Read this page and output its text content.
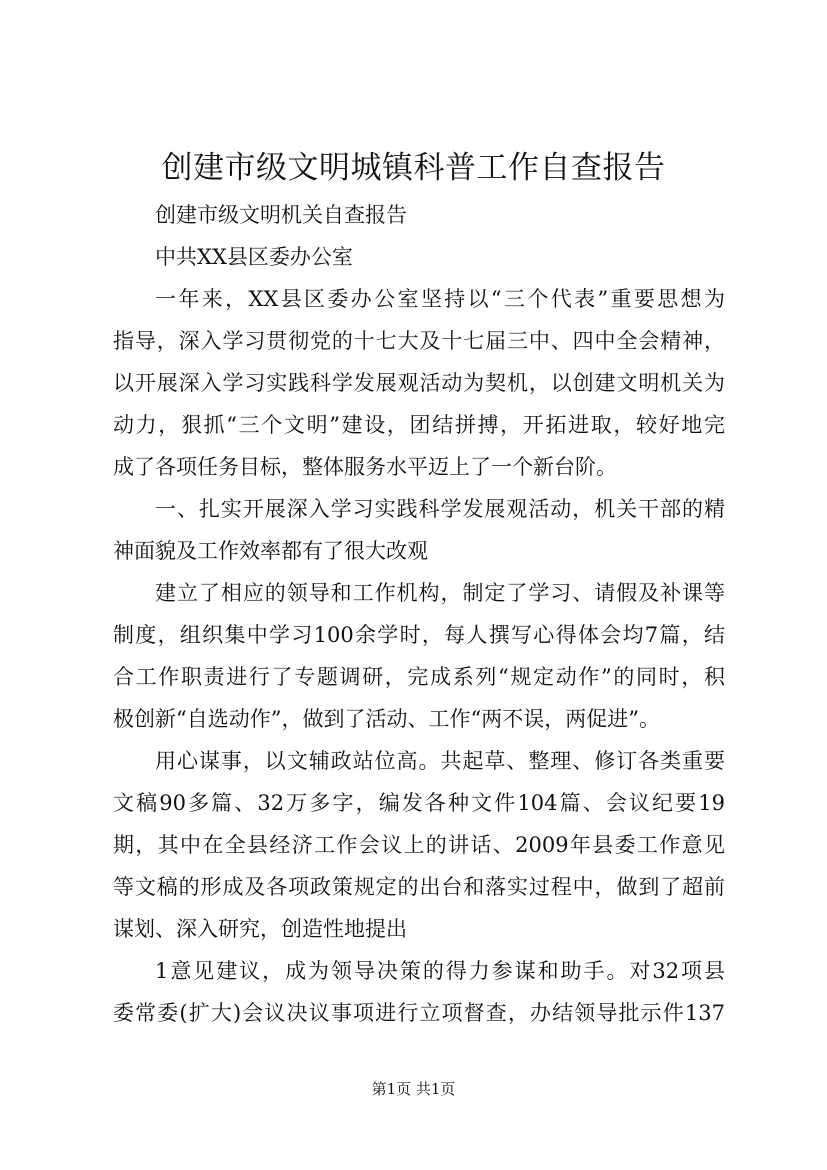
创建市级文明城镇科普工作自查报告
创建市级文明机关自查报告
中共XX县区委办公室
一年来，XX县区委办公室坚持以“三个代表”重要思想为
指导，深入学习贯彻党的十七大及十七届三中、四中全会精神，
以开展深入学习实践科学发展观活动为契机，以创建文明机关为
动力，狠抓“三个文明”建设，团结拼搏，开拓进取，较好地完
成了各项任务目标，整体服务水平迈上了一个新台阶。
一、扎实开展深入学习实践科学发展观活动，机关干部的精
神面貌及工作效率都有了很大改观
建立了相应的领导和工作机构，制定了学习、请假及补课等
制度，组织集中学习100余学时，每人撰写心得体会均7篇，结
合工作职责进行了专题调研，完成系列“规定动作”的同时，积
极创新“自选动作”，做到了活动、工作“两不误，两促进”。
用心谋事，以文辅政站位高。共起草、整理、修订各类重要
文稿90多篇、32万多字，编发各种文件104篇、会议纪要19
期，其中在全县经济工作会议上的讲话、2009年县委工作意见
等文稿的形成及各项政策规定的出台和落实过程中，做到了超前
谋划、深入研究，创造性地提出
1意见建议，成为领导决策的得力参谋和助手。对32项县
委常委(扩大)会议决议事项进行立项督查，办结领导批示件137
第1页 共1页
